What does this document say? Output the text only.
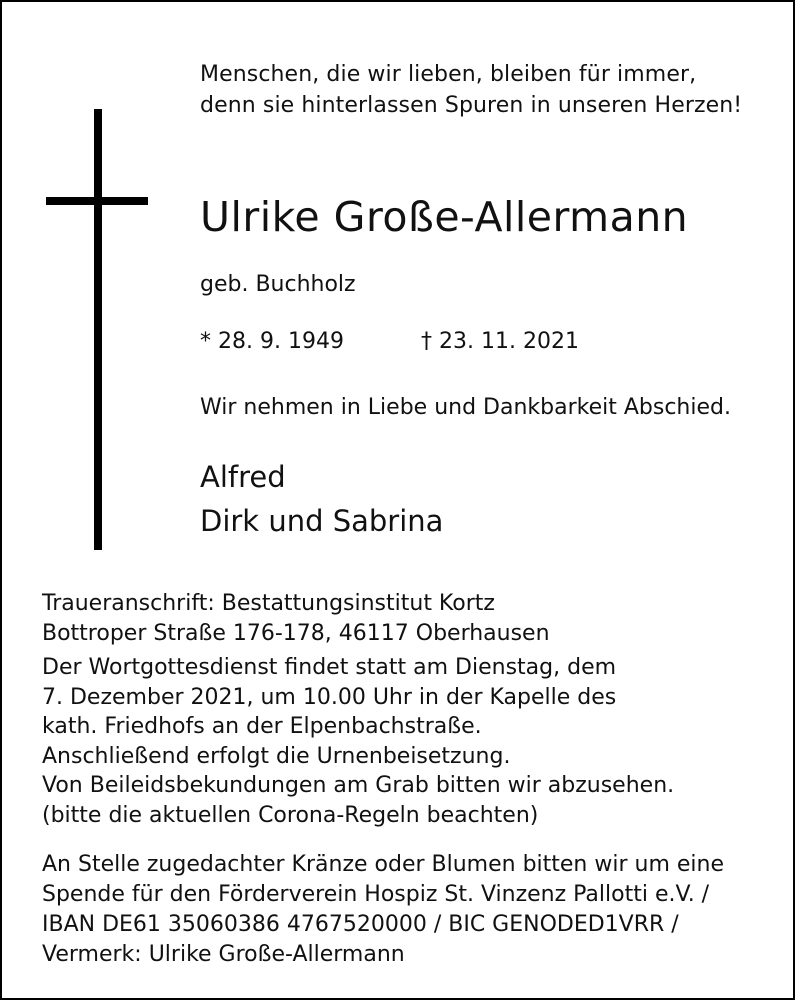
Menschen, die wir lieben, bleiben für immer,
denn sie hinterlassen Spuren in unseren Herzen!
Ulrike Große-Allermann
geb. Buchholz
* 28. 9. 1949	† 23. 11. 2021
Wir nehmen in Liebe und Dankbarkeit Abschied.
Alfred
Dirk und Sabrina
Traueranschrift: Bestattungsinstitut Kortz
Bottroper Straße 176-178, 46117 Oberhausen
Der Wortgottesdienst findet statt am Dienstag, dem
7. Dezember 2021, um 10.00 Uhr in der Kapelle des
kath. Friedhofs an der Elpenbachstraße.
Anschließend erfolgt die Urnenbeisetzung.
Von Beileidsbekundungen am Grab bitten wir abzusehen.
(bitte die aktuellen Corona-Regeln beachten)
An Stelle zugedachter Kränze oder Blumen bitten wir um eine
Spende für den Förderverein Hospiz St. Vinzenz Pallotti e.V. /
IBAN DE61 35060386 4767520000 / BIC GENODED1VRR /
Vermerk: Ulrike Große-Allermann
